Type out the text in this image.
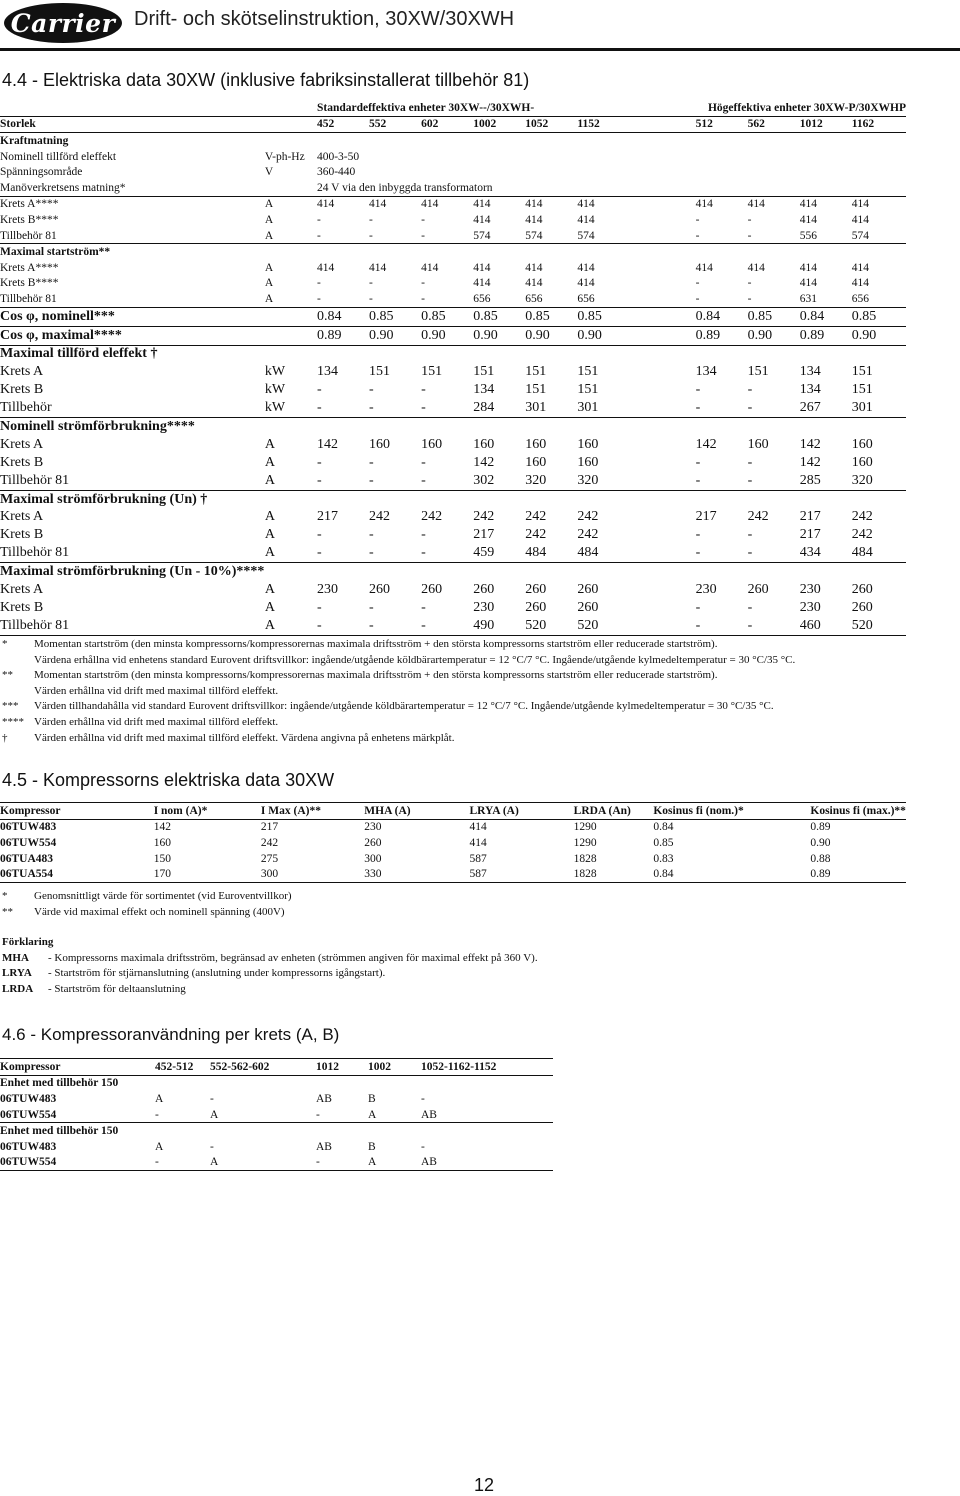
Carrier Drift- och skötselinstruktion, 30XW/30XWH
4.4 - Elektriska data 30XW (inklusive fabriksinstallerat tillbehör 81)
		Standardeffektiva enheter 30XW--/30XWH-						Högeffektiva enheter 30XW-P/30XWHP			
Storlek		452	552	602	1002	1052	1152	512	562	1012	1162
Kraftmatning											
Nominell tillförd eleffekt	V-ph-Hz	400-3-50									
Spänningsområde	V	360-440									
Manöverkretsens matning*		24 V via den inbyggda transformatorn									
Krets A****	A	414	414	414	414	414	414	414	414	414	414
Krets B****	A	-	-	-	414	414	414	-	-	414	414
Tillbehör 81	A	-	-	-	574	574	574	-	-	556	574
Maximal startström**											
Krets A****	A	414	414	414	414	414	414	414	414	414	414
Krets B****	A	-	-	-	414	414	414	-	-	414	414
Tillbehör 81	A	-	-	-	656	656	656	-	-	631	656
Cos φ, nominell***		0.84	0.85	0.85	0.85	0.85	0.85	0.84	0.85	0.84	0.85
Cos φ, maximal****		0.89	0.90	0.90	0.90	0.90	0.90	0.89	0.90	0.89	0.90
Maximal tillförd eleffekt †											
Krets A	kW	134	151	151	151	151	151	134	151	134	151
Krets B	kW	-	-	-	134	151	151	-	-	134	151
Tillbehör	kW	-	-	-	284	301	301	-	-	267	301
Nominell strömförbrukning****											
Krets A	A	142	160	160	160	160	160	142	160	142	160
Krets B	A	-	-	-	142	160	160	-	-	142	160
Tillbehör 81	A	-	-	-	302	320	320	-	-	285	320
Maximal strömförbrukning (Un) †											
Krets A	A	217	242	242	242	242	242	217	242	217	242
Krets B	A	-	-	-	217	242	242	-	-	217	242
Tillbehör 81	A	-	-	-	459	484	484	-	-	434	484
Maximal strömförbrukning (Un - 10%)****											
Krets A	A	230	260	260	260	260	260	230	260	230	260
Krets B	A	-	-	-	230	260	260	-	-	230	260
Tillbehör 81	A	-	-	-	490	520	520	-	-	460	520
*	Momentan startström (den minsta kompressorns/kompressorernas maximala driftsström + den största kompressorns startström eller reducerade startström).
Värdena erhållna vid enhetens standard Eurovent driftsvillkor: ingående/utgående köldbärartemperatur = 12 °C/7 °C. Ingående/utgående kylmedeltemperatur = 30 °C/35 °C.
**	Momentan startström (den minsta kompressorns/kompressorernas maximala driftsström + den största kompressorns startström eller reducerade startström).
Värden erhållna vid drift med maximal tillförd eleffekt.
***	Värden tillhandahålla vid standard Eurovent driftsvillkor: ingående/utgående köldbärartemperatur = 12 °C/7 °C. Ingående/utgående kylmedeltemperatur = 30 °C/35 °C.
**** Värden erhållna vid drift med maximal tillförd eleffekt.
†	Värden erhållna vid drift med maximal tillförd eleffekt. Värdena angivna på enhetens märkplåt.
4.5 - Kompressorns elektriska data 30XW
Kompressor	I nom (A)*	I Max (A)**	MHA (A)	LRYA (A)	LRDA (An)	Kosinus fi (nom.)*	Kosinus fi (max.)**
06TUW483	142	217	230	414	1290	0.84	0.89
06TUW554	160	242	260	414	1290	0.85	0.90
06TUA483	150	275	300	587	1828	0.83	0.88
06TUA554	170	300	330	587	1828	0.84	0.89
*	Genomsnittligt värde för sortimentet (vid Euroventvillkor)
**	Värde vid maximal effekt och nominell spänning (400V)
Förklaring
MHA	- Kompressorns maximala driftsström, begränsad av enheten (strömmen angiven för maximal effekt på 360 V).
LRYA	- Startström för stjärnanslutning (anslutning under kompressorns igångstart).
LRDA	- Startström för deltaanslutning
4.6 - Kompressoranvändning per krets (A, B)
Kompressor	452-512	552-562-602	1012	1002	1052-1162-1152
Enhet med tillbehör 150					
06TUW483	A	-	AB	B	-
06TUW554	-	A	-	A	AB
Enhet med tillbehör 150					
06TUW483	A	-	AB	B	-
06TUW554	-	A	-	A	AB
12
